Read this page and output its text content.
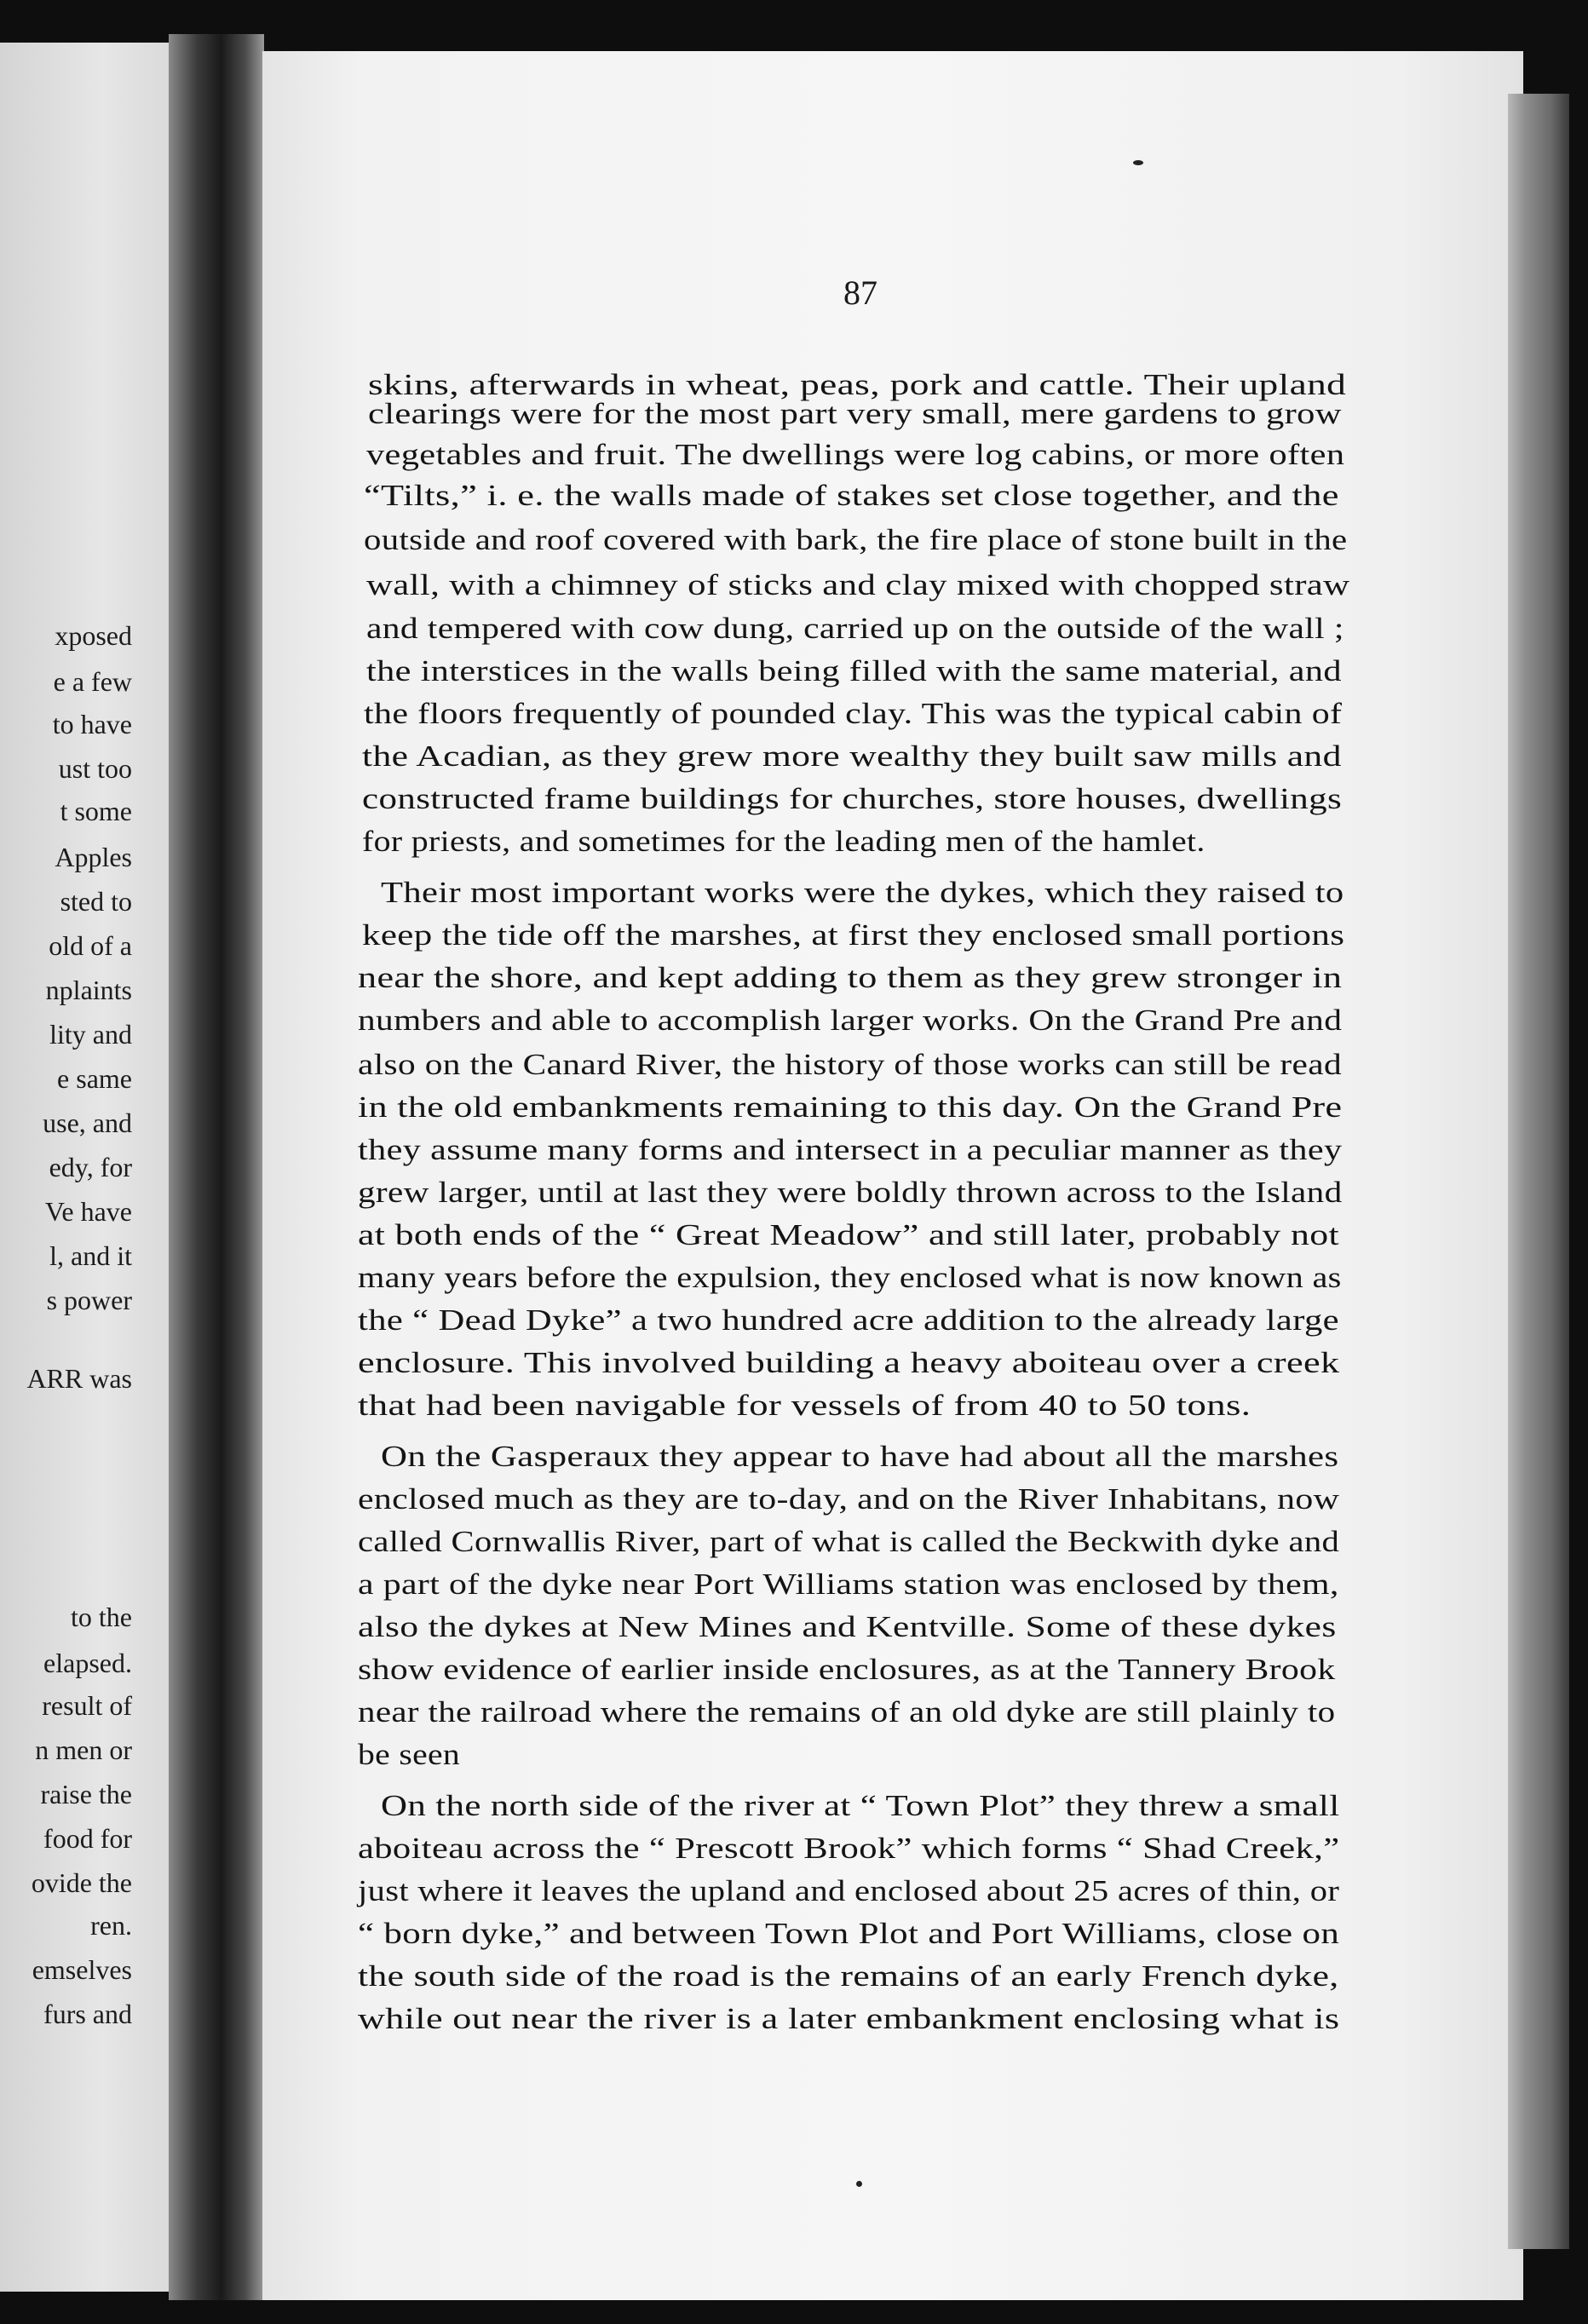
xposed
e a few
to have
ust too
t some
Apples
sted to
old of a
nplaints
lity and
e same
use, and
edy, for
Ve have
l, and it
s power
ARR was
to the
elapsed.
result of
n men or
raise the
food for
ovide the
ren.
emselves
furs and
87
skins, afterwards in wheat, peas, pork and cattle. Their upland
clearings were for the most part very small, mere gardens to grow
vegetables and fruit. The dwellings were log cabins, or more often
“Tilts,” i. e. the walls made of stakes set close together, and the
outside and roof covered with bark, the fire place of stone built in the
wall, with a chimney of sticks and clay mixed with chopped straw
and tempered with cow dung, carried up on the outside of the wall ;
the interstices in the walls being filled with the same material, and
the floors frequently of pounded clay. This was the typical cabin of
the Acadian, as they grew more wealthy they built saw mills and
constructed frame buildings for churches, store houses, dwellings
for priests, and sometimes for the leading men of the hamlet.
Their most important works were the dykes, which they raised to
keep the tide off the marshes, at first they enclosed small portions
near the shore, and kept adding to them as they grew stronger in
numbers and able to accomplish larger works. On the Grand Pre and
also on the Canard River, the history of those works can still be read
in the old embankments remaining to this day. On the Grand Pre
they assume many forms and intersect in a peculiar manner as they
grew larger, until at last they were boldly thrown across to the Island
at both ends of the “ Great Meadow” and still later, probably not
many years before the expulsion, they enclosed what is now known as
the “ Dead Dyke” a two hundred acre addition to the already large
enclosure. This involved building a heavy aboiteau over a creek
that had been navigable for vessels of from 40 to 50 tons.
On the Gasperaux they appear to have had about all the marshes
enclosed much as they are to-day, and on the River Inhabitans, now
called Cornwallis River, part of what is called the Beckwith dyke and
a part of the dyke near Port Williams station was enclosed by them,
also the dykes at New Mines and Kentville. Some of these dykes
show evidence of earlier inside enclosures, as at the Tannery Brook
near the railroad where the remains of an old dyke are still plainly to
be seen
On the north side of the river at “ Town Plot” they threw a small
aboiteau across the “ Prescott Brook” which forms “ Shad Creek,”
just where it leaves the upland and enclosed about 25 acres of thin, or
“ born dyke,” and between Town Plot and Port Williams, close on
the south side of the road is the remains of an early French dyke,
while out near the river is a later embankment enclosing what is
